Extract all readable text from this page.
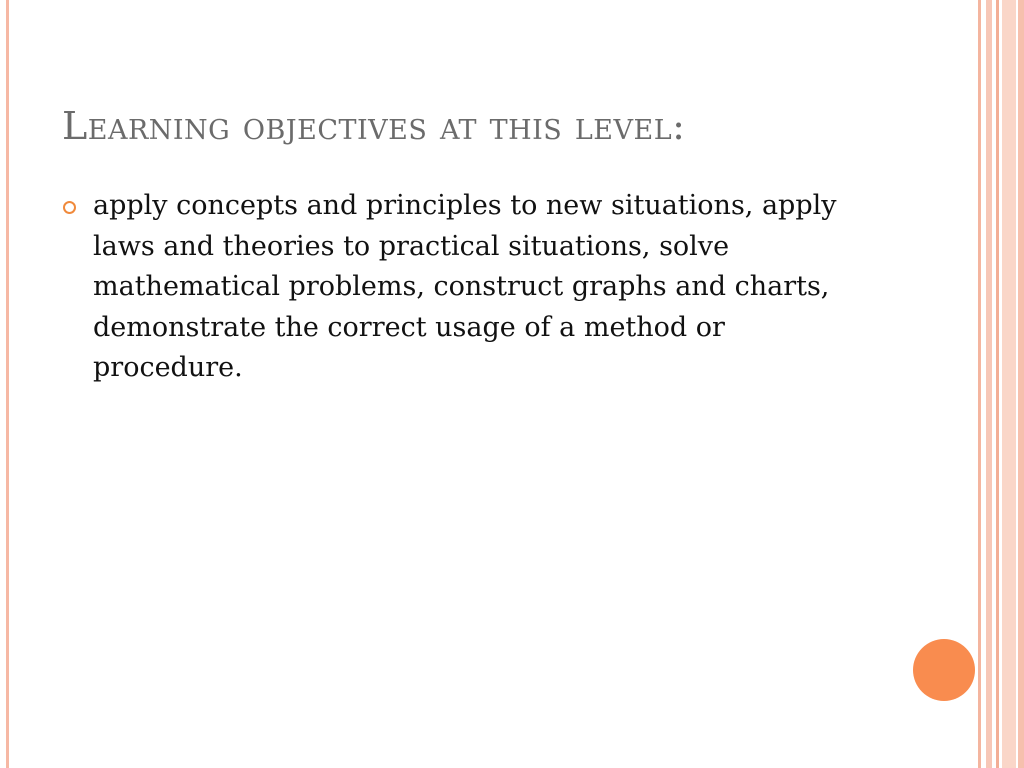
Learning objectives at this level:

apply concepts and principles to new situations, apply laws and theories to practical situations, solve mathematical problems, construct graphs and charts, demonstrate the correct usage of a method or procedure.
